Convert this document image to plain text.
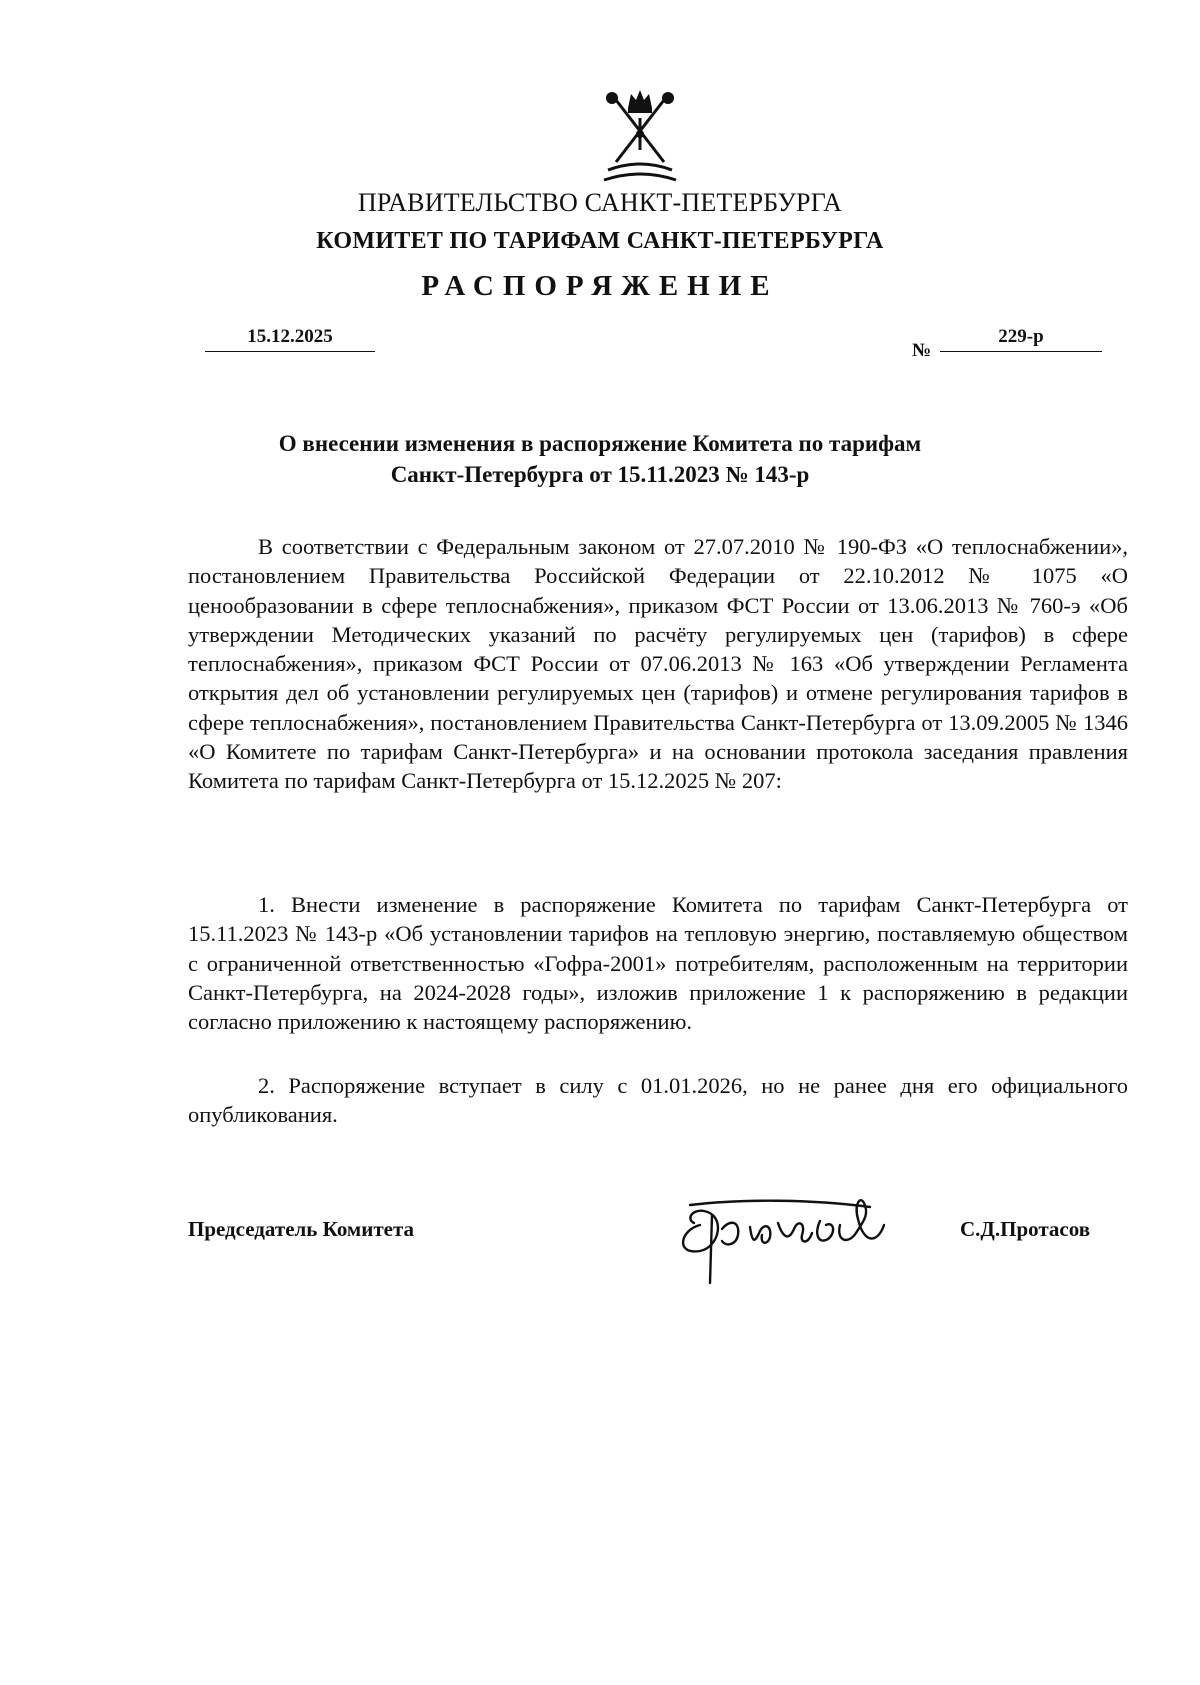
ПРАВИТЕЛЬСТВО САНКТ-ПЕТЕРБУРГА
КОМИТЕТ ПО ТАРИФАМ САНКТ-ПЕТЕРБУРГА
РАСПОРЯЖЕНИЕ
15.12.2025
№
229-р
О внесении изменения в распоряжение Комитета по тарифам
Санкт-Петербурга от 15.11.2023 № 143-р
В соответствии с Федеральным законом от 27.07.2010 № 190-ФЗ «О теплоснабжении», постановлением Правительства Российской Федерации от 22.10.2012 № 1075 «О ценообразовании в сфере теплоснабжения», приказом ФСТ России от 13.06.2013 № 760-э «Об утверждении Методических указаний по расчёту регулируемых цен (тарифов) в сфере теплоснабжения», приказом ФСТ России от 07.06.2013 № 163 «Об утверждении Регламента открытия дел об установлении регулируемых цен (тарифов) и отмене регулирования тарифов в сфере теплоснабжения», постановлением Правительства Санкт-Петербурга от 13.09.2005 № 1346 «О Комитете по тарифам Санкт-Петербурга» и на основании протокола заседания правления Комитета по тарифам Санкт-Петербурга от 15.12.2025 № 207:
1. Внести изменение в распоряжение Комитета по тарифам Санкт-Петербурга от 15.11.2023 № 143-р «Об установлении тарифов на тепловую энергию, поставляемую обществом с ограниченной ответственностью «Гофра-2001» потребителям, расположенным на территории Санкт-Петербурга, на 2024-2028 годы», изложив приложение 1 к распоряжению в редакции согласно приложению к настоящему распоряжению.
2. Распоряжение вступает в силу с 01.01.2026, но не ранее дня его официального опубликования.
Председатель Комитета	С.Д.Протасов
